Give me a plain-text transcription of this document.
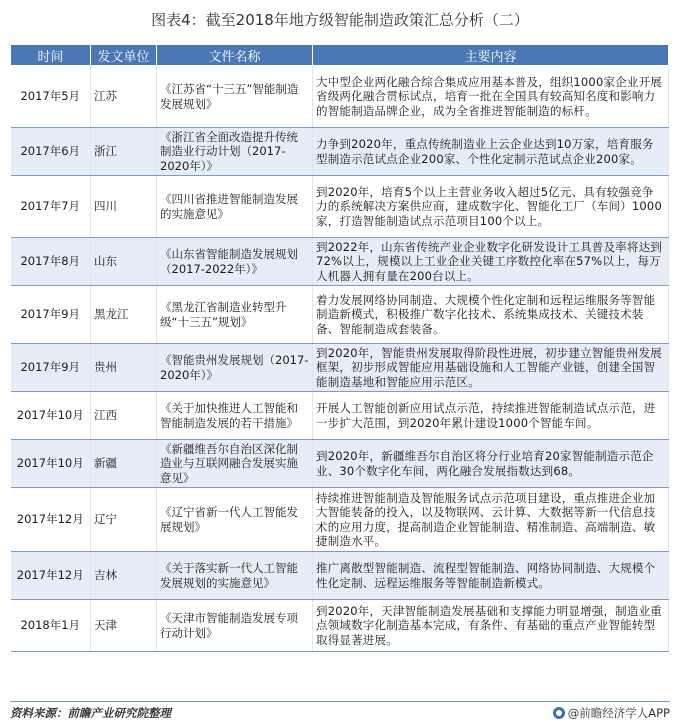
图表4：截至2018年地方级智能制造政策汇总分析（二）
时间	发文单位	文件名称	主要内容
2017年5月	江苏	《江苏省“十三五”智能制造发展规划》	大中型企业两化融合综合集成应用基本普及，组织1000家企业开展省级两化融合贯标试点，培育一批在全国具有较高知名度和影响力的智能制造品牌企业，成为全省推进智能制造的标杆。
2017年6月	浙江	《浙江省全面改造提升传统制造业行动计划（2017-2020年）》	力争到2020年，重点传统制造业上云企业达到10万家，培育服务型制造示范试点企业200家、个性化定制示范试点企业200家。
2017年7月	四川	《四川省推进智能制造发展的实施意见》	到2020年，培育5个以上主营业务收入超过5亿元、具有较强竞争力的系统解决方案供应商，建成数字化、智能化工厂（车间）1000家，打造智能制造试点示范项目100个以上。
2017年8月	山东	《山东省智能制造发展规划（2017-2022年）》	到2022年，山东省传统产业企业数字化研发设计工具普及率将达到72%以上，规模以上工业企业关键工序数控化率在57%以上，每万人机器人拥有量在200台以上。
2017年9月	黑龙江	《黑龙江省制造业转型升级“十三五”规划》	着力发展网络协同制造、大规模个性化定制和远程运维服务等智能制造新模式，积极推广数字化技术、系统集成技术、关键技术装备、智能制造成套装备。
2017年9月	贵州	《智能贵州发展规划（2017-2020年）》	到2020年，智能贵州发展取得阶段性进展，初步建立智能贵州发展框架，初步形成智能应用基础设施和人工智能产业链，创建全国智能制造基地和智能应用示范区。
2017年10月	江西	《关于加快推进人工智能和智能制造发展的若干措施》	开展人工智能创新应用试点示范，持续推进智能制造试点示范，进一步扩大范围，到2020年累计建设1000个智能车间。
2017年10月	新疆	《新疆维吾尔自治区深化制造业与互联网融合发展实施意见》	到2020年，新疆维吾尔自治区将分行业培育20家智能制造示范企业、30个数字化车间，两化融合发展指数达到68。
2017年12月	辽宁	《辽宁省新一代人工智能发展规划》	持续推进智能制造及智能服务试点示范项目建设，重点推进企业加大智能装备的投入，以及物联网、云计算、大数据等新一代信息技术的应用力度，提高制造企业智能制造、精准制造、高端制造、敏捷制造水平。
2017年12月	吉林	《关于落实新一代人工智能发展规划的实施意见》	推广离散型智能制造、流程型智能制造、网络协同制造、大规模个性化定制、远程运维服务等智能制造新模式。
2018年1月	天津	《天津市智能制造发展专项行动计划》	到2020年，天津智能制造发展基础和支撑能力明显增强，制造业重点领域数字化制造基本完成，有条件、有基础的重点产业智能转型取得显著进展。
资料来源：前瞻产业研究院整理	@前瞻经济学人APP
